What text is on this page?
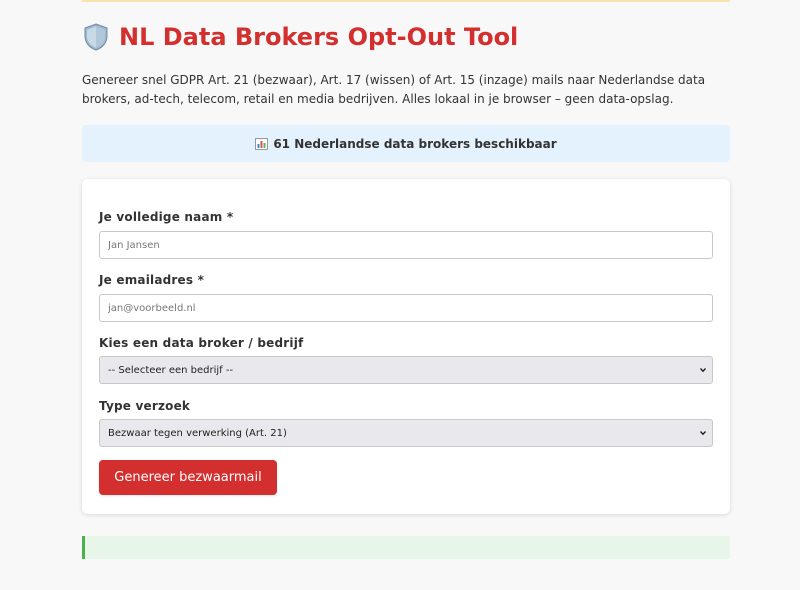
NL Data Brokers Opt-Out Tool

Genereer snel GDPR Art. 21 (bezwaar), Art. 17 (wissen) of Art. 15 (inzage) mails naar Nederlandse data brokers, ad-tech, telecom, retail en media bedrijven. Alles lokaal in je browser – geen data-opslag.

61 Nederlandse data brokers beschikbaar
Je volledige naam *
Jan Jansen
Je emailadres *
jan@voorbeeld.nl
Kies een data broker / bedrijf
-- Selecteer een bedrijf --
Type verzoek
Bezwaar tegen verwerking (Art. 21)
Genereer bezwaarmail
